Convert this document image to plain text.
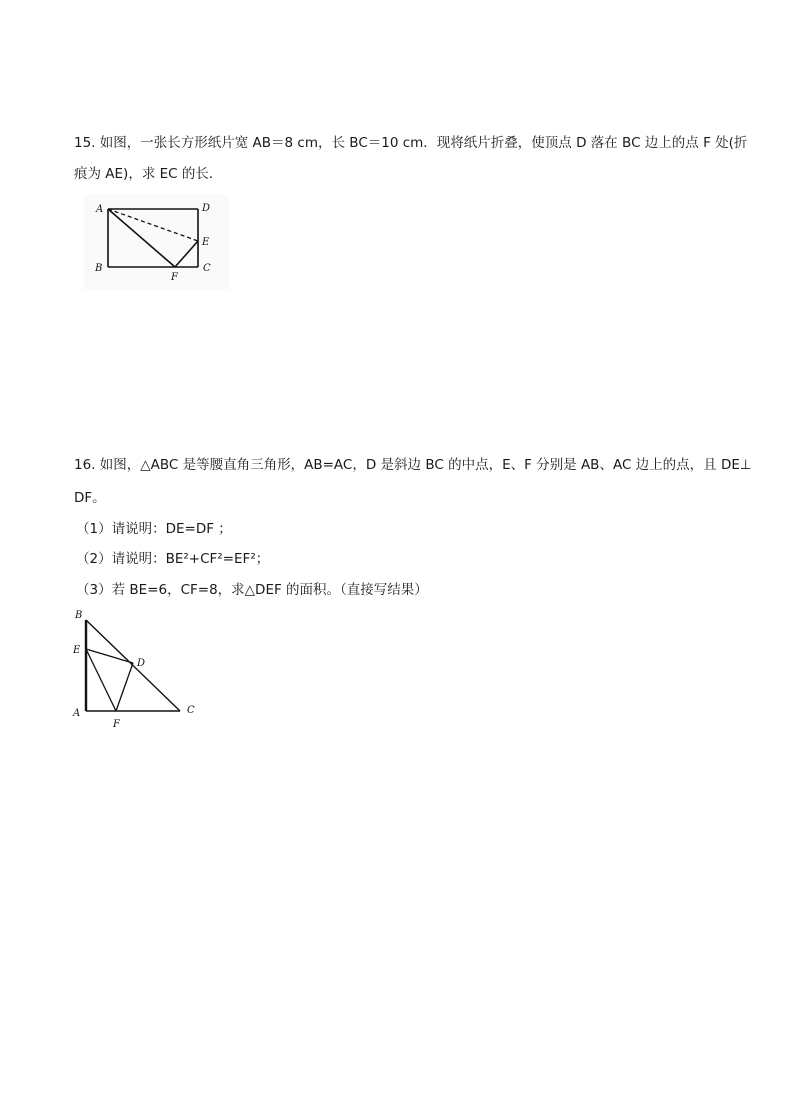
15. 如图，一张长方形纸片宽 AB＝8 cm，长 BC＝10 cm．现将纸片折叠，使顶点 D 落在 BC 边上的点 F 处(折
痕为 AE)，求 EC 的长．
A	D
E
B	C
F
16. 如图，△ABC 是等腰直角三角形，AB=AC，D 是斜边 BC 的中点，E、F 分别是 AB、AC 边上的点，且 DE⊥
DF。
（1）请说明：DE=DF ；
（2）请说明：BE²+CF²=EF²；
（3）若 BE=6，CF=8，求△DEF 的面积。（直接写结果）
B
E
D
A	C
F
